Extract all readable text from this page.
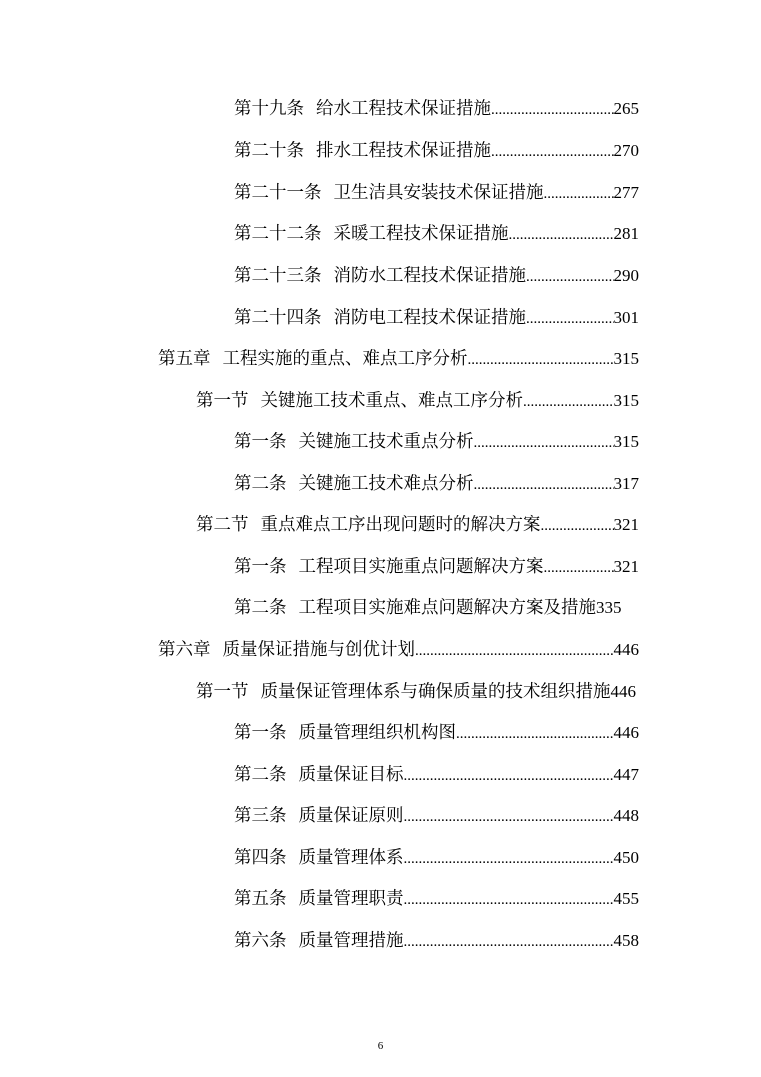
第十九条 给水工程技术保证措施 .....	265
第二十条 排水工程技术保证措施 .....	270
第二十一条 卫生洁具安装技术保证措施 .....	277
第二十二条 采暖工程技术保证措施 .....	281
第二十三条 消防水工程技术保证措施 .....	290
第二十四条 消防电工程技术保证措施 .....	301
第五章 工程实施的重点、难点工序分析 .....	315
第一节 关键施工技术重点、难点工序分析 .....	315
第一条 关键施工技术重点分析 .....	315
第二条 关键施工技术难点分析 .....	317
第二节 重点难点工序出现问题时的解决方案 .....	321
第一条 工程项目实施重点问题解决方案 .....	321
第二条 工程项目实施难点问题解决方案及措施 335
第六章 质量保证措施与创优计划 .....	446
第一节 质量保证管理体系与确保质量的技术组织措施 446
第一条 质量管理组织机构图 .....	446
第二条 质量保证目标 .....	447
第三条 质量保证原则 .....	448
第四条 质量管理体系 .....	450
第五条 质量管理职责 .....	455
第六条 质量管理措施 .....	458
6
